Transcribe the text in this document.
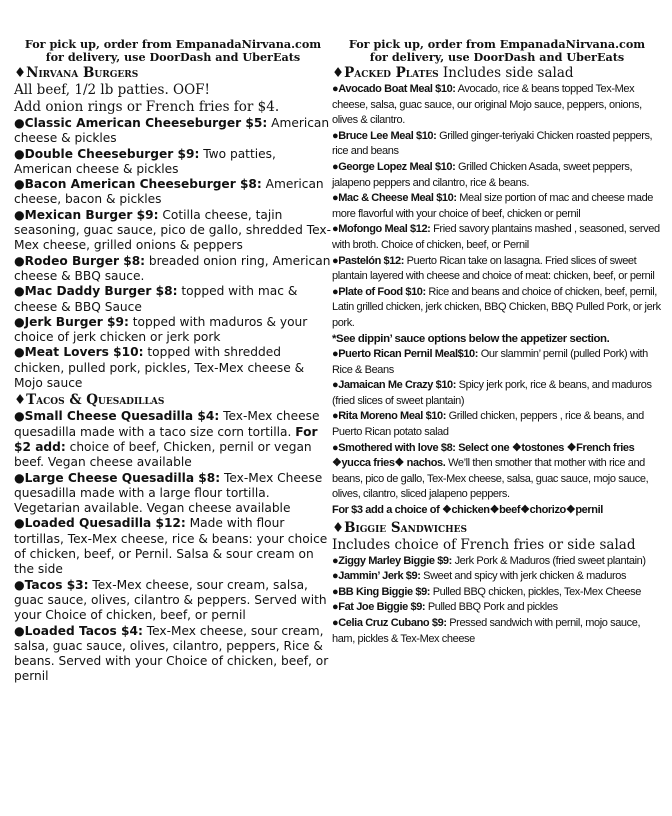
For pick up, order from EmpanadaNirvana.com
for delivery, use DoorDash and UberEats
♦Nirvana Burgers
All beef, 1/2 lb patties. OOF!
Add onion rings or French fries for $4.
●Classic American Cheeseburger $5: American cheese & pickles
●Double Cheeseburger $9: Two patties, American cheese & pickles
●Bacon American Cheeseburger $8: American cheese, bacon & pickles
●Mexican Burger $9: Cotilla cheese, tajin seasoning, guac sauce, pico de gallo, shredded Tex-Mex cheese, grilled onions & peppers
●Rodeo Burger $8: breaded onion ring, American cheese & BBQ sauce.
●Mac Daddy Burger $8: topped with mac & cheese & BBQ Sauce
●Jerk Burger $9: topped with maduros & your choice of jerk chicken or jerk pork
●Meat Lovers $10: topped with shredded chicken, pulled pork, pickles, Tex-Mex cheese & Mojo sauce
♦Tacos & Quesadillas
●Small Cheese Quesadilla $4: Tex-Mex cheese quesadilla made with a taco size corn tortilla. For $2 add: choice of beef, Chicken, pernil or vegan beef. Vegan cheese available
●Large Cheese Quesadilla $8: Tex-Mex Cheese quesadilla made with a large flour tortilla. Vegetarian available. Vegan cheese available
●Loaded Quesadilla $12: Made with flour tortillas, Tex-Mex cheese, rice & beans: your choice of chicken, beef, or Pernil. Salsa & sour cream on the side
●Tacos $3: Tex-Mex cheese, sour cream, salsa, guac sauce, olives, cilantro & peppers. Served with your Choice of chicken, beef, or pernil
●Loaded Tacos $4: Tex-Mex cheese, sour cream, salsa, guac sauce, olives, cilantro, peppers, Rice & beans. Served with your Choice of chicken, beef, or pernil
For pick up, order from EmpanadaNirvana.com
for delivery, use DoorDash and UberEats
♦Packed Plates Includes side salad
●Avocado Boat Meal $10: Avocado, rice & beans topped Tex-Mex cheese, salsa, guac sauce, our original Mojo sauce, peppers, onions, olives & cilantro.
●Bruce Lee Meal $10: Grilled ginger-teriyaki Chicken roasted peppers, rice and beans
●George Lopez Meal $10: Grilled Chicken Asada, sweet peppers, jalapeno peppers and cilantro, rice & beans.
●Mac & Cheese Meal $10: Meal size portion of mac and cheese made more flavorful with your choice of beef, chicken or pernil
●Mofongo Meal $12: Fried savory plantains mashed , seasoned, served with broth. Choice of chicken, beef, or Pernil
●Pastelón $12: Puerto Rican take on lasagna. Fried slices of sweet plantain layered with cheese and choice of meat: chicken, beef, or pernil
●Plate of Food $10: Rice and beans and choice of chicken, beef, pernil, Latin grilled chicken, jerk chicken, BBQ Chicken, BBQ Pulled Pork, or jerk pork.
*See dippin’ sauce options below the appetizer section.
●Puerto Rican Pernil Meal$10: Our slammin’ pernil (pulled Pork) with Rice & Beans
●Jamaican Me Crazy $10: Spicy jerk pork, rice & beans, and maduros (fried slices of sweet plantain)
●Rita Moreno Meal $10: Grilled chicken, peppers , rice & beans, and Puerto Rican potato salad
●Smothered with love $8: Select one ❖tostones ❖French fries ❖yucca fries❖ nachos. We’ll then smother that mother with rice and beans, pico de gallo, Tex-Mex cheese, salsa, guac sauce, mojo sauce, olives, cilantro, sliced jalapeno peppers.
For $3 add a choice of ❖chicken❖beef❖chorizo❖pernil
♦Biggie Sandwiches
Includes choice of French fries or side salad
●Ziggy Marley Biggie $9: Jerk Pork & Maduros (fried sweet plantain)
●Jammin’ Jerk $9: Sweet and spicy with jerk chicken & maduros
●BB King Biggie $9: Pulled BBQ chicken, pickles, Tex-Mex Cheese
●Fat Joe Biggie $9: Pulled BBQ Pork and pickles
●Celia Cruz Cubano $9: Pressed sandwich with pernil, mojo sauce, ham, pickles & Tex-Mex cheese
